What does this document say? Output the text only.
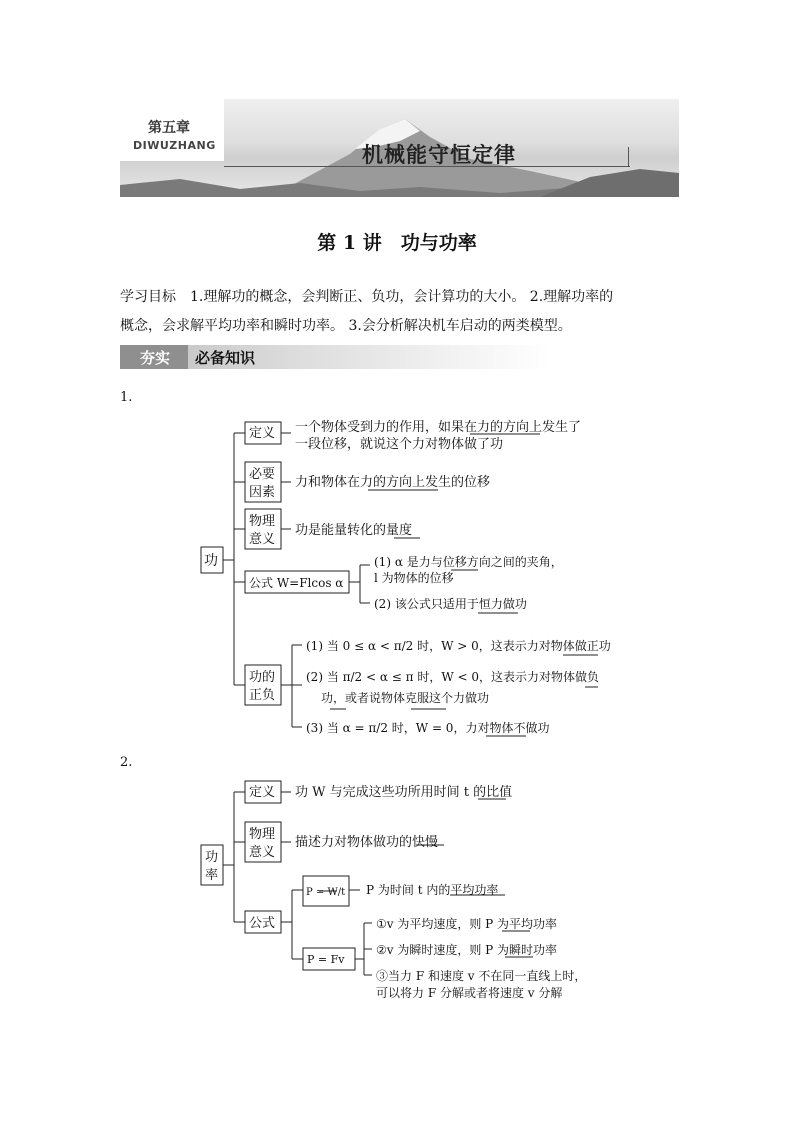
第五章
DIWUZHANG	机械能守恒定律
第 1 讲　功与功率
学习目标　1.理解功的概念，会判断正、负功，会计算功的大小。 2.理解功率的
概念，会求解平均功率和瞬时功率。 3.会分析解决机车启动的两类模型。
夯实 必备知识
1.
功
定义 一个物体受到力的作用，如果在力的方向上发生了
一段位移，就说这个力对物体做了功
必要
因素
力和物体在力的方向上发生的位移
物理
意义
功是能量转化的量度
公式 W=Flcos α
(1) α 是力与位移方向之间的夹角，
l 为物体的位移
(2) 该公式只适用于恒力做功
功的
正负
(1) 当 0 ≤ α < π/2 时，W > 0，这表示力对物体做正功
(2) 当 π/2 < α ≤ π 时，W < 0，这表示力对物体做负
功，或者说物体克服这个力做功
(3) 当 α = π/2 时，W = 0，力对物体不做功
2.
功
率
定义 功 W 与完成这些功所用时间 t 的比值
物理
意义
描述力对物体做功的快慢
公式
P = W/t P 为时间 t 内的平均功率
P = Fv
①v 为平均速度，则 P 为平均功率
②v 为瞬时速度，则 P 为瞬时功率
③当力 F 和速度 v 不在同一直线上时，
可以将力 F 分解或者将速度 v 分解
